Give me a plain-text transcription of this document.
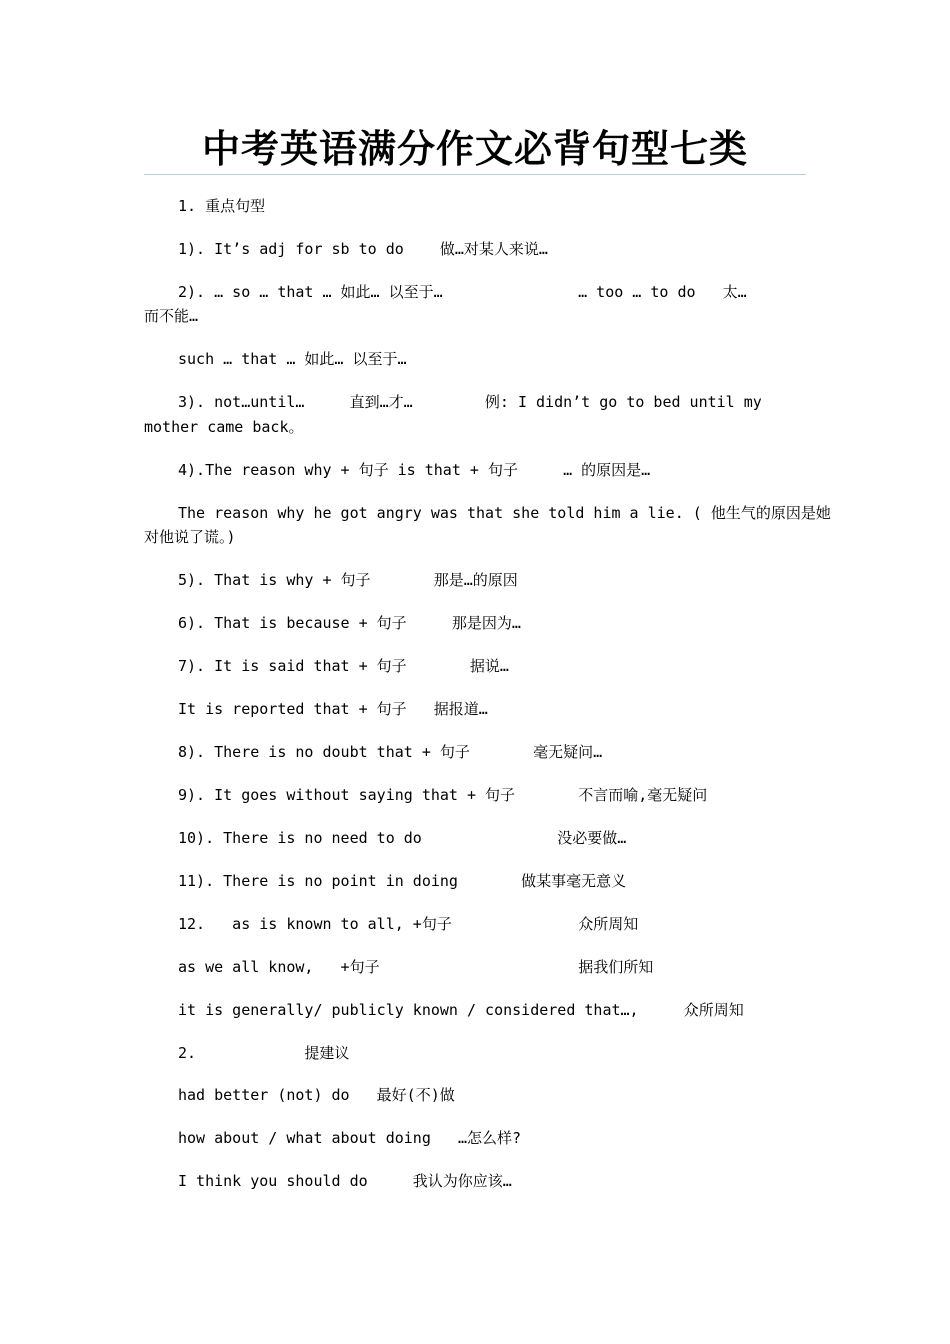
中考英语满分作文必背句型七类
1. 重点句型
1). It’s adj for sb to do    做…对某人来说…
2). … so … that … 如此… 以至于…               … too … to do   太…
而不能…
such … that … 如此… 以至于…
3). not…until…     直到…才…        例: I didn’t go to bed until my
mother came back。
4).The reason why + 句子 is that + 句子     … 的原因是…
The reason why he got angry was that she told him a lie. ( 他生气的原因是她
对他说了谎。)
5). That is why + 句子       那是…的原因
6). That is because + 句子     那是因为…
7). It is said that + 句子       据说…
It is reported that + 句子   据报道…
8). There is no doubt that + 句子       毫无疑问…
9). It goes without saying that + 句子       不言而喻,毫无疑问
10). There is no need to do               没必要做…
11). There is no point in doing       做某事毫无意义
12.   as is known to all, +句子              众所周知
as we all know,   +句子                      据我们所知
it is generally/ publicly known / considered that…,     众所周知
2.            提建议
had better (not) do   最好(不)做
how about / what about doing   …怎么样?
I think you should do     我认为你应该…
